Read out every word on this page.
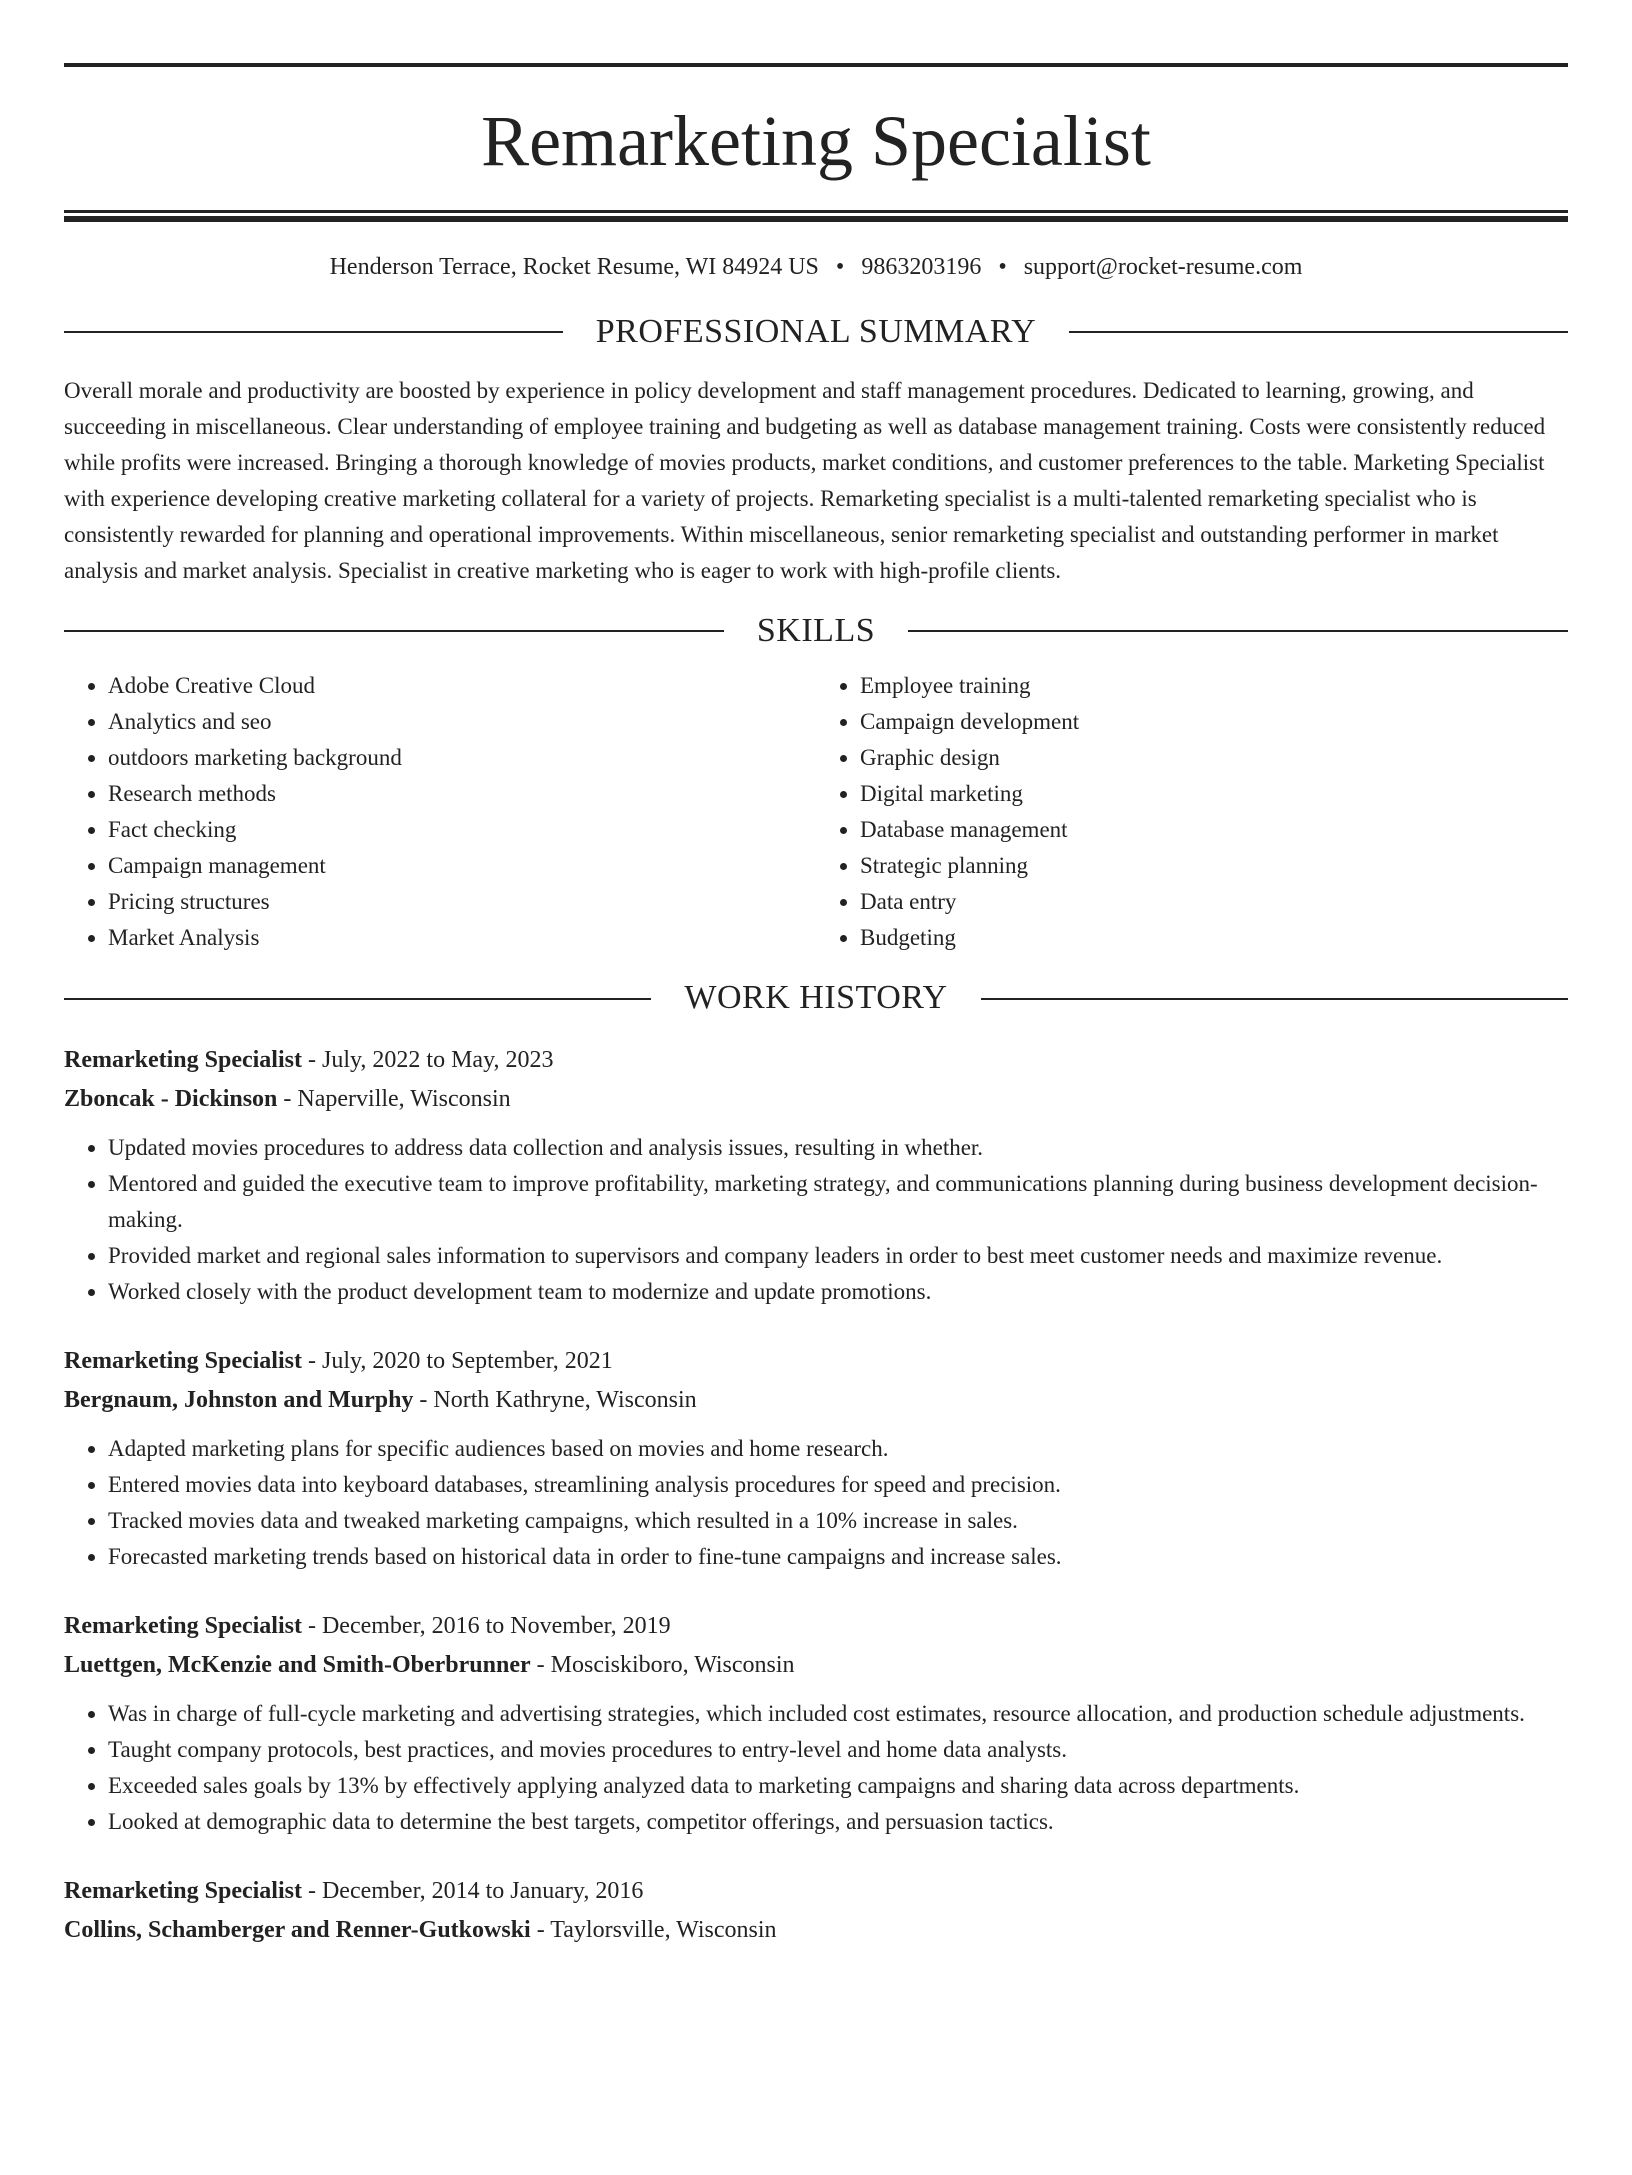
Remarketing Specialist
Henderson Terrace, Rocket Resume, WI 84924 US • 9863203196 • support@rocket-resume.com
PROFESSIONAL SUMMARY
Overall morale and productivity are boosted by experience in policy development and staff management procedures. Dedicated to learning, growing, and succeeding in miscellaneous. Clear understanding of employee training and budgeting as well as database management training. Costs were consistently reduced while profits were increased. Bringing a thorough knowledge of movies products, market conditions, and customer preferences to the table. Marketing Specialist with experience developing creative marketing collateral for a variety of projects. Remarketing specialist is a multi-talented remarketing specialist who is consistently rewarded for planning and operational improvements. Within miscellaneous, senior remarketing specialist and outstanding performer in market analysis and market analysis. Specialist in creative marketing who is eager to work with high-profile clients.
SKILLS
• Adobe Creative Cloud
• Analytics and seo
• outdoors marketing background
• Research methods
• Fact checking
• Campaign management
• Pricing structures
• Market Analysis
• Employee training
• Campaign development
• Graphic design
• Digital marketing
• Database management
• Strategic planning
• Data entry
• Budgeting
WORK HISTORY
Remarketing Specialist - July, 2022 to May, 2023
Zboncak - Dickinson - Naperville, Wisconsin
• Updated movies procedures to address data collection and analysis issues, resulting in whether.
• Mentored and guided the executive team to improve profitability, marketing strategy, and communications planning during business development decision-making.
• Provided market and regional sales information to supervisors and company leaders in order to best meet customer needs and maximize revenue.
• Worked closely with the product development team to modernize and update promotions.
Remarketing Specialist - July, 2020 to September, 2021
Bergnaum, Johnston and Murphy - North Kathryne, Wisconsin
• Adapted marketing plans for specific audiences based on movies and home research.
• Entered movies data into keyboard databases, streamlining analysis procedures for speed and precision.
• Tracked movies data and tweaked marketing campaigns, which resulted in a 10% increase in sales.
• Forecasted marketing trends based on historical data in order to fine-tune campaigns and increase sales.
Remarketing Specialist - December, 2016 to November, 2019
Luettgen, McKenzie and Smith-Oberbrunner - Mosciskiboro, Wisconsin
• Was in charge of full-cycle marketing and advertising strategies, which included cost estimates, resource allocation, and production schedule adjustments.
• Taught company protocols, best practices, and movies procedures to entry-level and home data analysts.
• Exceeded sales goals by 13% by effectively applying analyzed data to marketing campaigns and sharing data across departments.
• Looked at demographic data to determine the best targets, competitor offerings, and persuasion tactics.
Remarketing Specialist - December, 2014 to January, 2016
Collins, Schamberger and Renner-Gutkowski - Taylorsville, Wisconsin
